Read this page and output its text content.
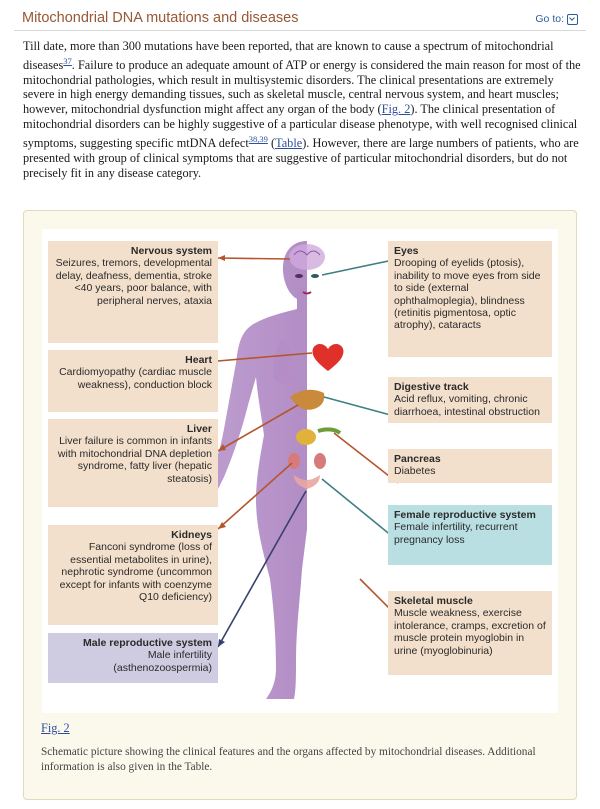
Mitochondrial DNA mutations and diseases	Go to:
Till date, more than 300 mutations have been reported, that are known to cause a spectrum of mitochondrial diseases$^{37}$. Failure to produce an adequate amount of ATP or energy is considered the main reason for most of the mitochondrial pathologies, which result in multisystemic disorders. The clinical presentations are extremely severe in high energy demanding tissues, such as skeletal muscle, central nervous system, and heart muscles; however, mitochondrial dysfunction might affect any organ of the body (Fig. 2). The clinical presentation of mitochondrial disorders can be highly suggestive of a particular disease phenotype, with well recognised clinical symptoms, suggesting specific mtDNA defect$^{38,39}$ (Table). However, there are large numbers of patients, who are presented with group of clinical symptoms that are suggestive of particular mitochondrial disorders, but do not precisely fit in any disease category.
Nervous system
Seizures, tremors, developmental delay, deafness, dementia, stroke <40 years, poor balance, with peripheral nerves, ataxia
Heart
Cardiomyopathy (cardiac muscle weakness), conduction block
Liver
Liver failure is common in infants with mitochondrial DNA depletion syndrome, fatty liver (hepatic steatosis)
Kidneys
Fanconi syndrome (loss of essential metabolites in urine), nephrotic syndrome (uncommon except for infants with coenzyme Q10 deficiency)
Male reproductive system
Male infertility (asthenozoospermia)
Eyes
Drooping of eyelids (ptosis), inability to move eyes from side to side (external ophthalmoplegia), blindness (retinitis pigmentosa, optic atrophy), cataracts
Digestive track
Acid reflux, vomiting, chronic diarrhoea, intestinal obstruction
Pancreas
Diabetes
Female reproductive system
Female infertility, recurrent pregnancy loss
Skeletal muscle
Muscle weakness, exercise intolerance, cramps, excretion of muscle protein myoglobin in urine (myoglobinuria)
Fig. 2
Schematic picture showing the clinical features and the organs affected by mitochondrial diseases. Additional information is also given in the Table.
